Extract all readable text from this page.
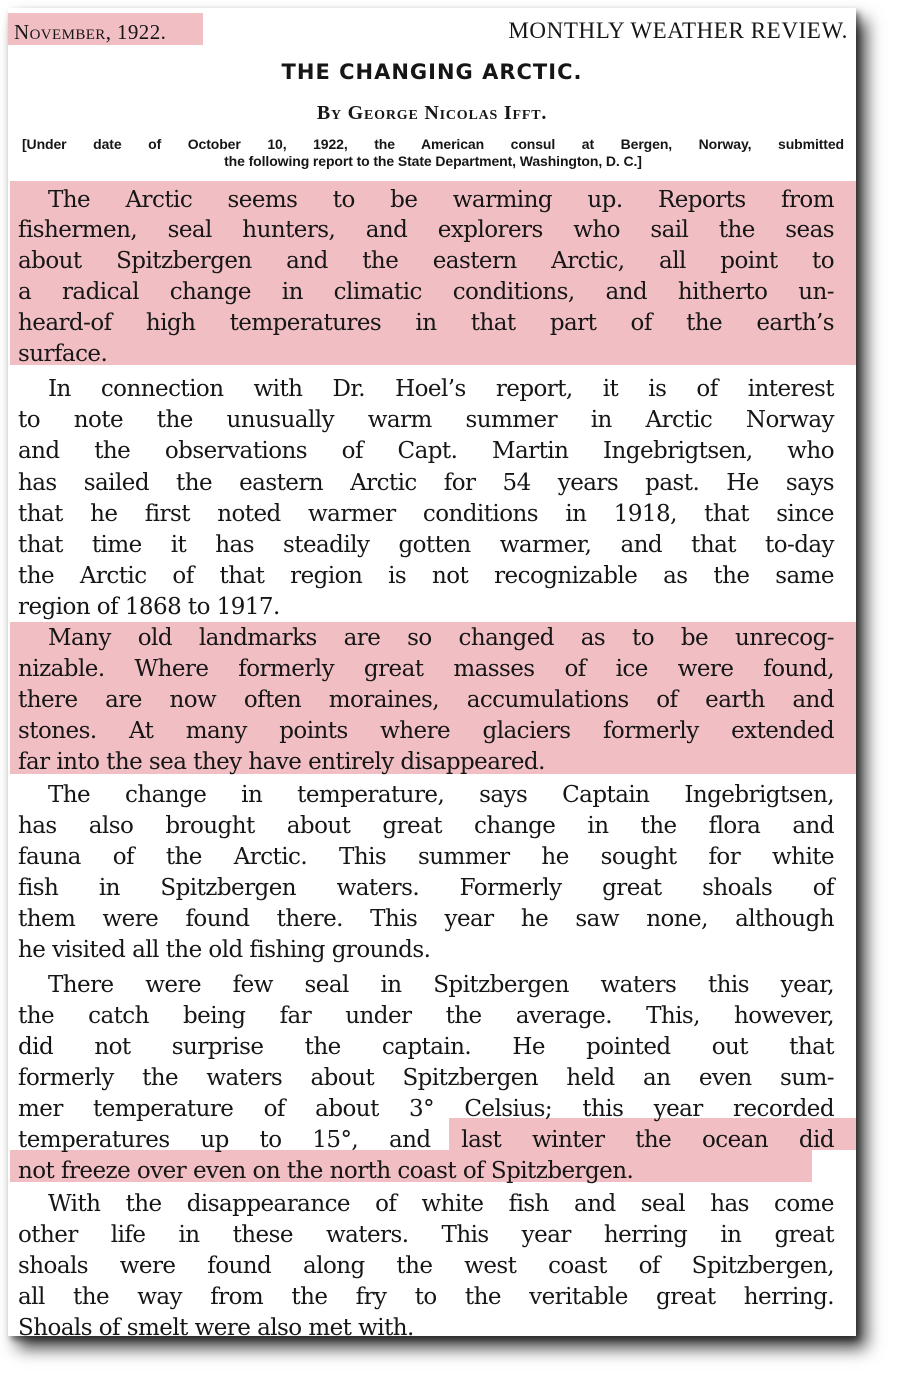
November, 1922.	MONTHLY WEATHER REVIEW.
THE CHANGING ARCTIC.
By George Nicolas Ifft.
[Under date of October 10, 1922, the American consul at Bergen, Norway, submitted
the following report to the State Department, Washington, D. C.]
The Arctic seems to be warming up. Reports from
fishermen, seal hunters, and explorers who sail the seas
about Spitzbergen and the eastern Arctic, all point to
a radical change in climatic conditions, and hitherto un-
heard-of high temperatures in that part of the earth’s
surface.
In connection with Dr. Hoel’s report, it is of interest
to note the unusually warm summer in Arctic Norway
and the observations of Capt. Martin Ingebrigtsen, who
has sailed the eastern Arctic for 54 years past. He says
that he first noted warmer conditions in 1918, that since
that time it has steadily gotten warmer, and that to-day
the Arctic of that region is not recognizable as the same
region of 1868 to 1917.
Many old landmarks are so changed as to be unrecog-
nizable. Where formerly great masses of ice were found,
there are now often moraines, accumulations of earth and
stones. At many points where glaciers formerly extended
far into the sea they have entirely disappeared.
The change in temperature, says Captain Ingebrigtsen,
has also brought about great change in the flora and
fauna of the Arctic. This summer he sought for white
fish in Spitzbergen waters. Formerly great shoals of
them were found there. This year he saw none, although
he visited all the old fishing grounds.
There were few seal in Spitzbergen waters this year,
the catch being far under the average. This, however,
did not surprise the captain. He pointed out that
formerly the waters about Spitzbergen held an even sum-
mer temperature of about 3° Celsius; this year recorded
temperatures up to 15°, and last winter the ocean did
not freeze over even on the north coast of Spitzbergen.
With the disappearance of white fish and seal has come
other life in these waters. This year herring in great
shoals were found along the west coast of Spitzbergen,
all the way from the fry to the veritable great herring.
Shoals of smelt were also met with.
